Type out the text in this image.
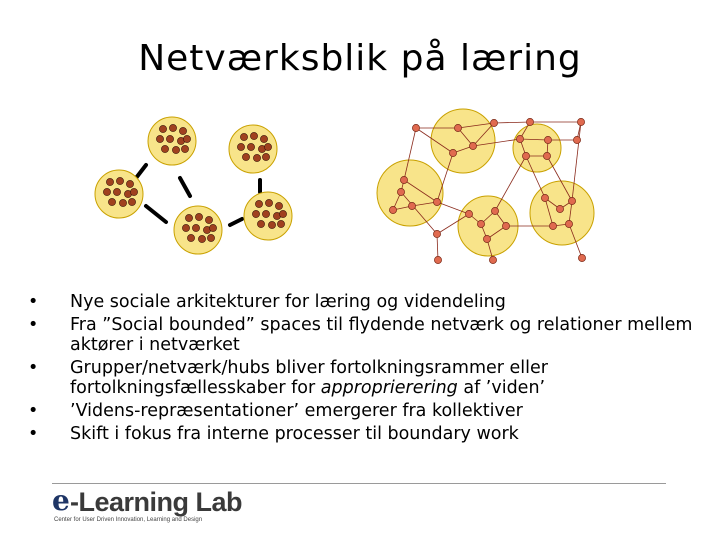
Netværksblik på læring
•	Nye sociale arkitekturer for læring og videndeling
•	Fra ”Social bounded” spaces til flydende netværk og relationer mellem aktører i netværket
•	Grupper/netværk/hubs bliver fortolkningsrammer eller fortolkningsfællesskaber for approprierering af ’viden’
•	’Videns-repræsentationer’ emergerer fra kollektiver
•	Skift i fokus fra interne processer til boundary work
e -Learning Lab
Center for User Driven Innovation, Learning and Design
